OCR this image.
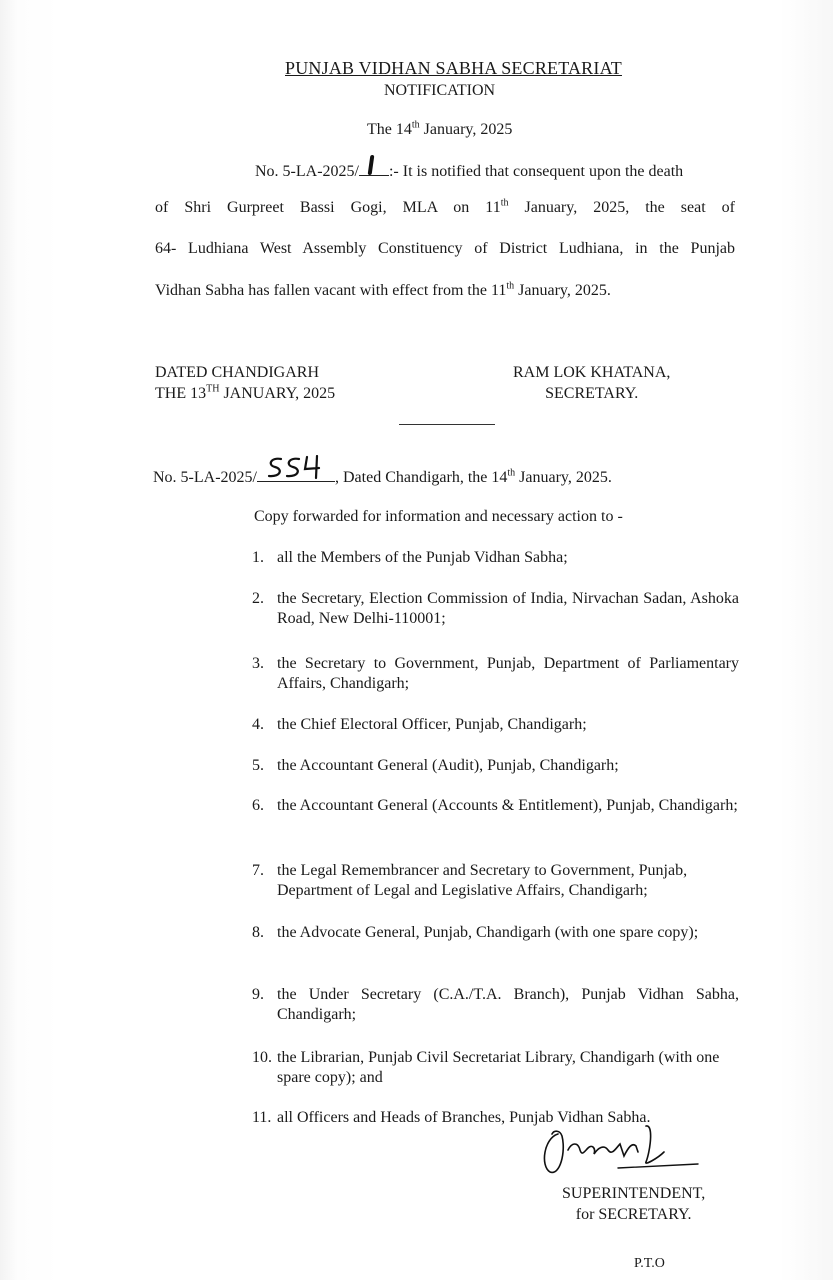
PUNJAB VIDHAN SABHA SECRETARIAT
NOTIFICATION
The 14th January, 2025
No. 5-LA-2025/ :- It is notified that consequent upon the death
of Shri Gurpreet Bassi Gogi, MLA on 11th January, 2025, the seat of
64- Ludhiana West Assembly Constituency of District Ludhiana, in the Punjab
Vidhan Sabha has fallen vacant with effect from the 11th January, 2025.
DATED CHANDIGARH
THE 13TH JANUARY, 2025
RAM LOK KHATANA,
SECRETARY.
No. 5-LA-2025/	, Dated Chandigarh, the 14th January, 2025.
Copy forwarded for information and necessary action to -
1. all the Members of the Punjab Vidhan Sabha;
2. the Secretary, Election Commission of India, Nirvachan Sadan, Ashoka Road, New Delhi-110001;
3. the Secretary to Government, Punjab, Department of Parliamentary Affairs, Chandigarh;
4. the Chief Electoral Officer, Punjab, Chandigarh;
5. the Accountant General (Audit), Punjab, Chandigarh;
6. the Accountant General (Accounts & Entitlement), Punjab, Chandigarh;
7. the Legal Remembrancer and Secretary to Government, Punjab, Department of Legal and Legislative Affairs, Chandigarh;
8. the Advocate General, Punjab, Chandigarh (with one spare copy);
9. the Under Secretary (C.A./T.A. Branch), Punjab Vidhan Sabha, Chandigarh;
10. the Librarian, Punjab Civil Secretariat Library, Chandigarh (with one spare copy); and
11. all Officers and Heads of Branches, Punjab Vidhan Sabha.
SUPERINTENDENT,
for SECRETARY.
P.T.O
